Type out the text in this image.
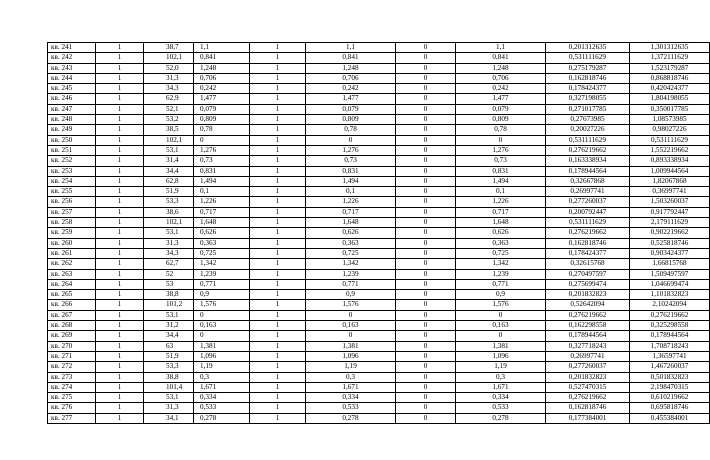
кв. 241	1	38,7	1,1	1	1,1	0	1,1	0,201312635	1,301312635
кв. 242	1	102,1	0,841	1	0,841	0	0,841	0,531111629	1,372111629
кв. 243	1	52,0	1,248	1	1,248	0	1,248	0,275179287	1,523179287
кв. 244	1	31,3	0,706	1	0,706	0	0,706	0,162818746	0,868818746
кв. 245	1	34,3	0,242	1	0,242	0	0,242	0,178424377	0,420424377
кв. 246	1	62,9	1,477	1	1,477	0	1,477	0,327198055	1,804198055
кв. 247	1	52,1	0,079	1	0,079	0	0,079	0,271017785	0,350017785
кв. 248	1	53,2	0,809	1	0,809	0	0,809	0,27673985	1,08573985
кв. 249	1	38,5	0,78	1	0,78	0	0,78	0,20027226	0,98027226
кв. 250	1	102,1	0	1	0	0	0	0,531111629	0,531111629
кв. 251	1	53,1	1,276	1	1,276	0	1,276	0,276219662	1,552219662
кв. 252	1	31,4	0,73	1	0,73	0	0,73	0,163338934	0,893338934
кв. 253	1	34,4	0,831	1	0,831	0	0,831	0,178944564	1,009944564
кв. 254	1	62,8	1,494	1	1,494	0	1,494	0,32667868	1,82067868
кв. 255	1	51,9	0,1	1	0,1	0	0,1	0,26997741	0,36997741
кв. 256	1	53,3	1,226	1	1,226	0	1,226	0,277260037	1,503260037
кв. 257	1	38,6	0,717	1	0,717	0	0,717	0,200792447	0,917792447
кв. 258	1	102,1	1,648	1	1,648	0	1,648	0,531111629	2,179111629
кв. 259	1	53,1	0,626	1	0,626	0	0,626	0,276219662	0,902219662
кв. 260	1	31,3	0,363	1	0,363	0	0,363	0,162818746	0,525818746
кв. 261	1	34,3	0,725	1	0,725	0	0,725	0,178424377	0,903424377
кв. 262	1	62,7	1,342	1	1,342	0	1,342	0,32615768	1,66815768
кв. 263	1	52	1,239	1	1,239	0	1,239	0,270497597	1,509497597
кв. 264	1	53	0,771	1	0,771	0	0,771	0,275699474	1,046699474
кв. 265	1	38,8	0,9	1	0,9	0	0,9	0,201832823	1,101832823
кв. 266	1	101,2	1,576	1	1,576	0	1,576	0,52642094	2,10242094
кв. 267	1	53,1	0	1	0	0	0	0,276219662	0,276219662
кв. 268	1	31,2	0,163	1	0,163	0	0,163	0,162298558	0,325298558
кв. 269	1	34,4	0	1	0	0	0	0,178944564	0,178944564
кв. 270	1	63	1,381	1	1,381	0	1,381	0,327718243	1,708718243
кв. 271	1	51,9	1,096	1	1,096	0	1,096	0,26997741	1,36597741
кв. 272	1	53,3	1,19	1	1,19	0	1,19	0,277260037	1,467260037
кв. 273	1	38,8	0,3	1	0,3	0	0,3	0,201832823	0,501832823
кв. 274	1	101,4	1,671	1	1,671	0	1,671	0,527470315	2,198470315
кв. 275	1	53,1	0,334	1	0,334	0	0,334	0,276219662	0,610219662
кв. 276	1	31,3	0,533	1	0,533	0	0,533	0,162818746	0,695818746
кв. 277	1	34,1	0,278	1	0,278	0	0,278	0,177384001	0,455384001
